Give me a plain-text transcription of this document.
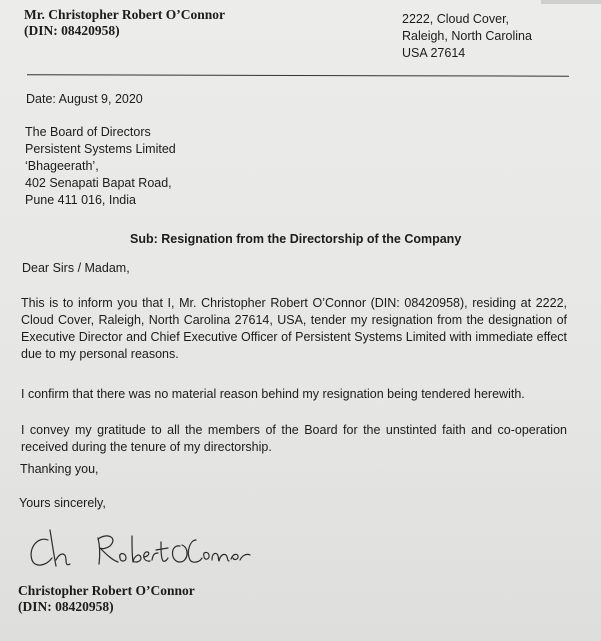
Mr. Christopher Robert O’Connor
(DIN: 08420958)
2222, Cloud Cover,
Raleigh, North Carolina
USA 27614
Date: August 9, 2020
The Board of Directors
Persistent Systems Limited
‘Bhageerath’,
402 Senapati Bapat Road,
Pune 411 016, India
Sub: Resignation from the Directorship of the Company
Dear Sirs / Madam,
This is to inform you that I, Mr. Christopher Robert O’Connor (DIN: 08420958), residing at 2222, Cloud Cover, Raleigh, North Carolina 27614, USA, tender my resignation from the designation of Executive Director and Chief Executive Officer of Persistent Systems Limited with immediate effect due to my personal reasons.
I confirm that there was no material reason behind my resignation being tendered herewith.
I convey my gratitude to all the members of the Board for the unstinted faith and co-operation received during the tenure of my directorship.
Thanking you,
Yours sincerely,
Christopher Robert O’Connor
(DIN: 08420958)
